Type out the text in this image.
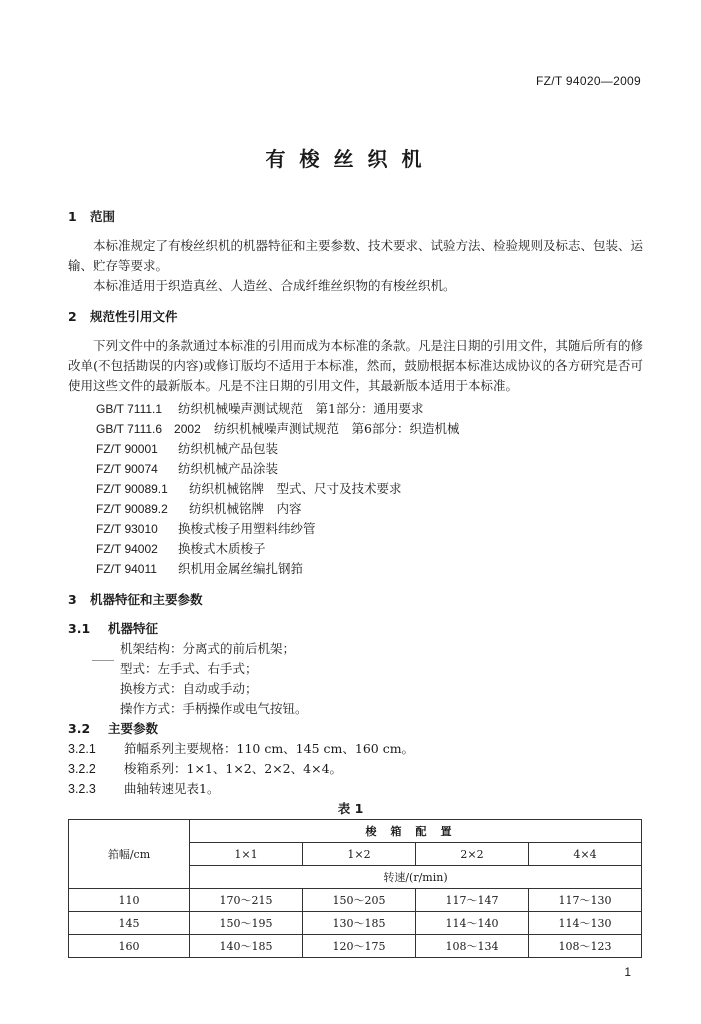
FZ/T 94020—2009
有梭丝织机
1 范围
本标准规定了有梭丝织机的机器特征和主要参数、技术要求、试验方法、检验规则及标志、包装、运输、贮存等要求。
本标准适用于织造真丝、人造丝、合成纤维丝织物的有梭丝织机。
2 规范性引用文件
下列文件中的条款通过本标准的引用而成为本标准的条款。凡是注日期的引用文件，其随后所有的修改单(不包括勘误的内容)或修订版均不适用于本标准，然而，鼓励根据本标准达成协议的各方研究是否可使用这些文件的最新版本。凡是不注日期的引用文件，其最新版本适用于本标准。
GB/T 7111.1 纺织机械噪声测试规范　第1部分：通用要求
GB/T 7111.6　2002 纺织机械噪声测试规范　第6部分：织造机械
FZ/T 90001 纺织机械产品包装
FZ/T 90074 纺织机械产品涂装
FZ/T 90089.1 纺织机械铭牌　型式、尺寸及技术要求
FZ/T 90089.2 纺织机械铭牌　内容
FZ/T 93010 换梭式梭子用塑料纬纱管
FZ/T 94002 换梭式木质梭子
FZ/T 94011 织机用金属丝编扎钢筘
3 机器特征和主要参数
3.1 机器特征
机架结构：分离式的前后机架；
型式：左手式、右手式；
换梭方式：自动或手动；
操作方式：手柄操作或电气按钮。
3.2 主要参数
3.2.1 筘幅系列主要规格：110 cm、145 cm、160 cm。
3.2.2 梭箱系列：1×1、1×2、2×2、4×4。
3.2.3 曲轴转速见表1。
表 1
筘幅/cm	梭箱配置			
	1×1	1×2	2×2	4×4
	转速/(r/min)			
110	170～215	150～205	117～147	117～130
145	150～195	130～185	114～140	114～130
160	140～185	120～175	108～134	108～123
1
